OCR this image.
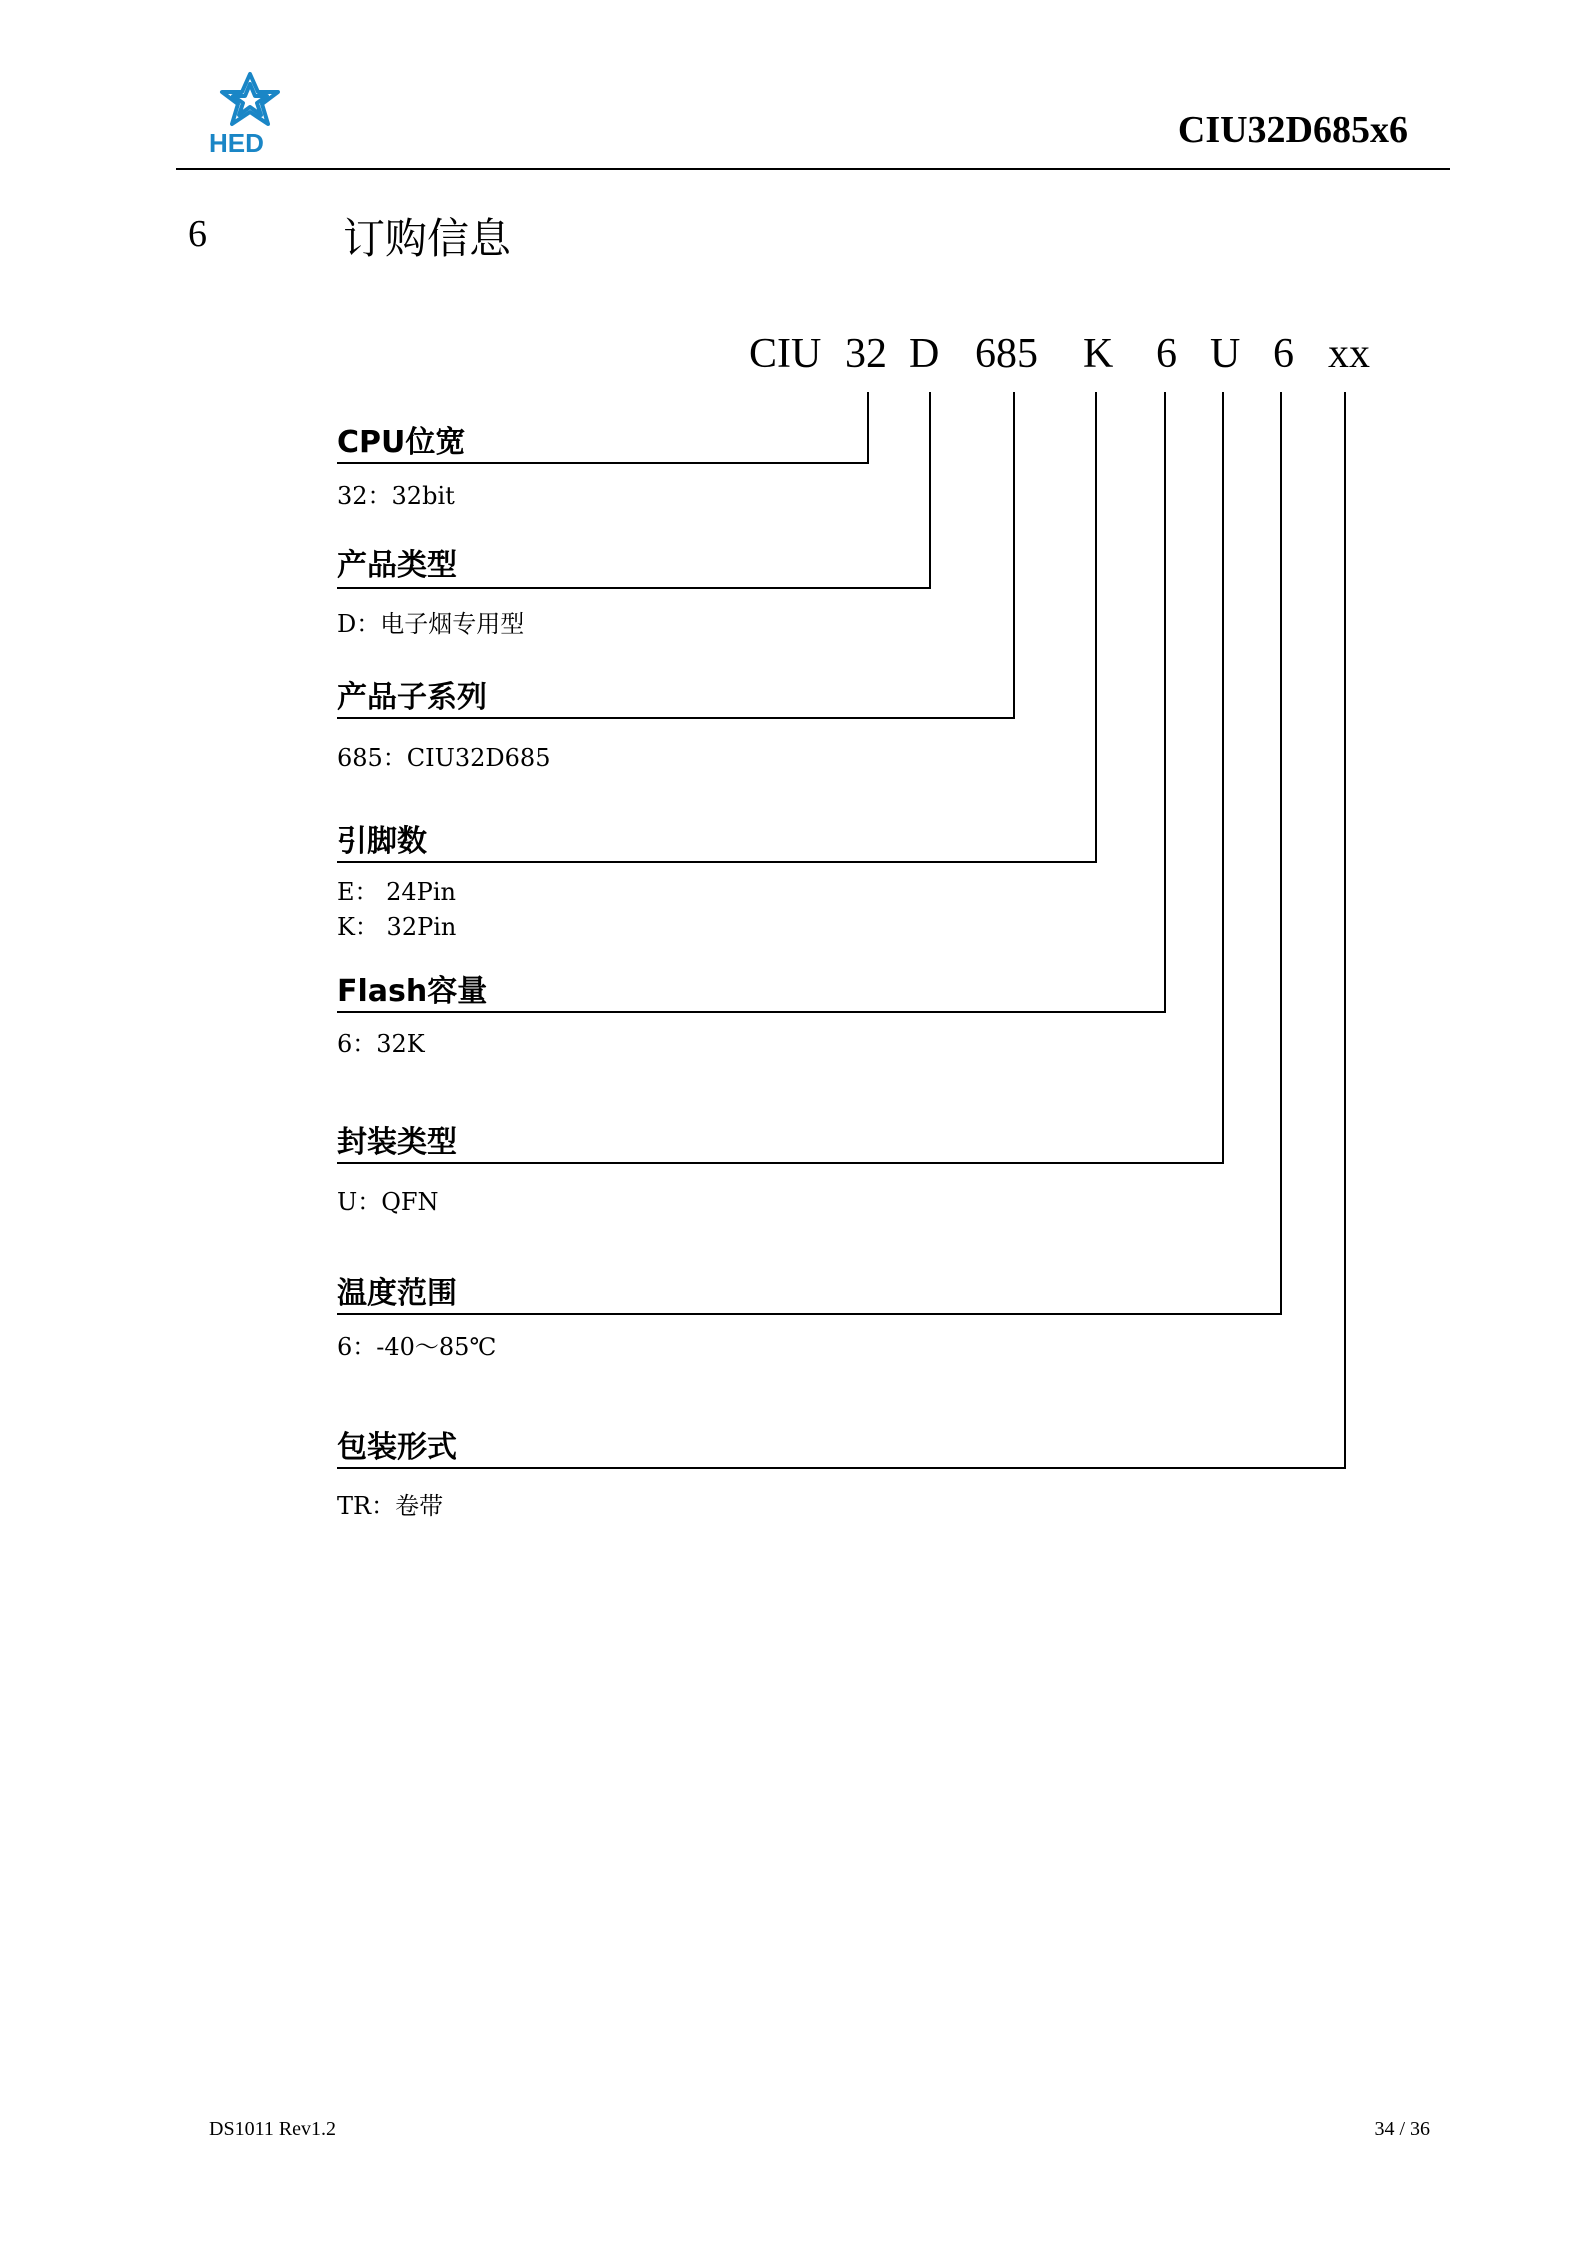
HED	CIU32D685x6
6	订购信息
CIU 32 D 685 K 6 U 6 xx
CPU位宽
32：32bit
产品类型
D：电子烟专用型
产品子系列
685：CIU32D685
引脚数
E： 24Pin
K： 32Pin
Flash容量
6：32K
封装类型
U：QFN
温度范围
6：-40～85℃
包装形式
TR：卷带
DS1011 Rev1.2	34 / 36
